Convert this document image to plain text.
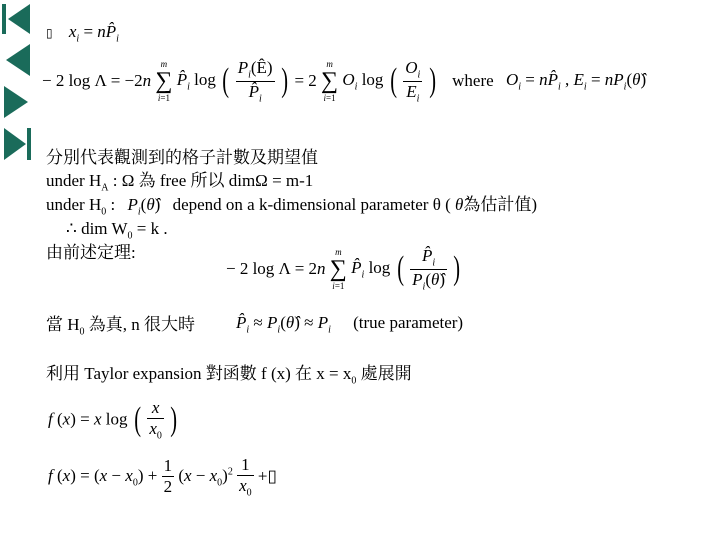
▯ $x_i$ = $nP̂_i$
− 2 log Λ = −2n
m
∑
i=1
$P̂_i$ log ( $\frac{P_i(Ê)}{P̂_i}$ ) = 2
m
∑
i=1
$O_i$ log ( $\frac{O_i}{E_i}$ ) where $O_i$ = $nP̂_i$ , $E_i$ = $nP_i(\thetâ)$
分別代表觀測到的格子計數及期望值
under $H_A$ : Ω 為 free 所以 dimΩ = m-1
under $H_0$ : $P_i(\thetâ)$ depend on a k-dimensional parameter θ ( θ̂為估計值)
∴ dim $W_0 = k$ .
由前述定理:
− 2 log Λ = 2n
m
∑
i=1
$P̂_i$ log ( $\frac{P̂_i}{P_i(\thetâ)}$ )
當 $H_0$ 為真, n 很大時 $P̂_i$ ≈ $P_i(\thetâ) \approx P_i$ (true parameter)
利用 Taylor expansion 對函數 f (x) 在 $x = x_0$ 處展開
f (x) = x log ( $\frac{x}{x_0}$ )
f $(x) = (x - x_0) + \frac{1}{2} (x - x_0)^2 \frac{1}{x_0}$ +▯
